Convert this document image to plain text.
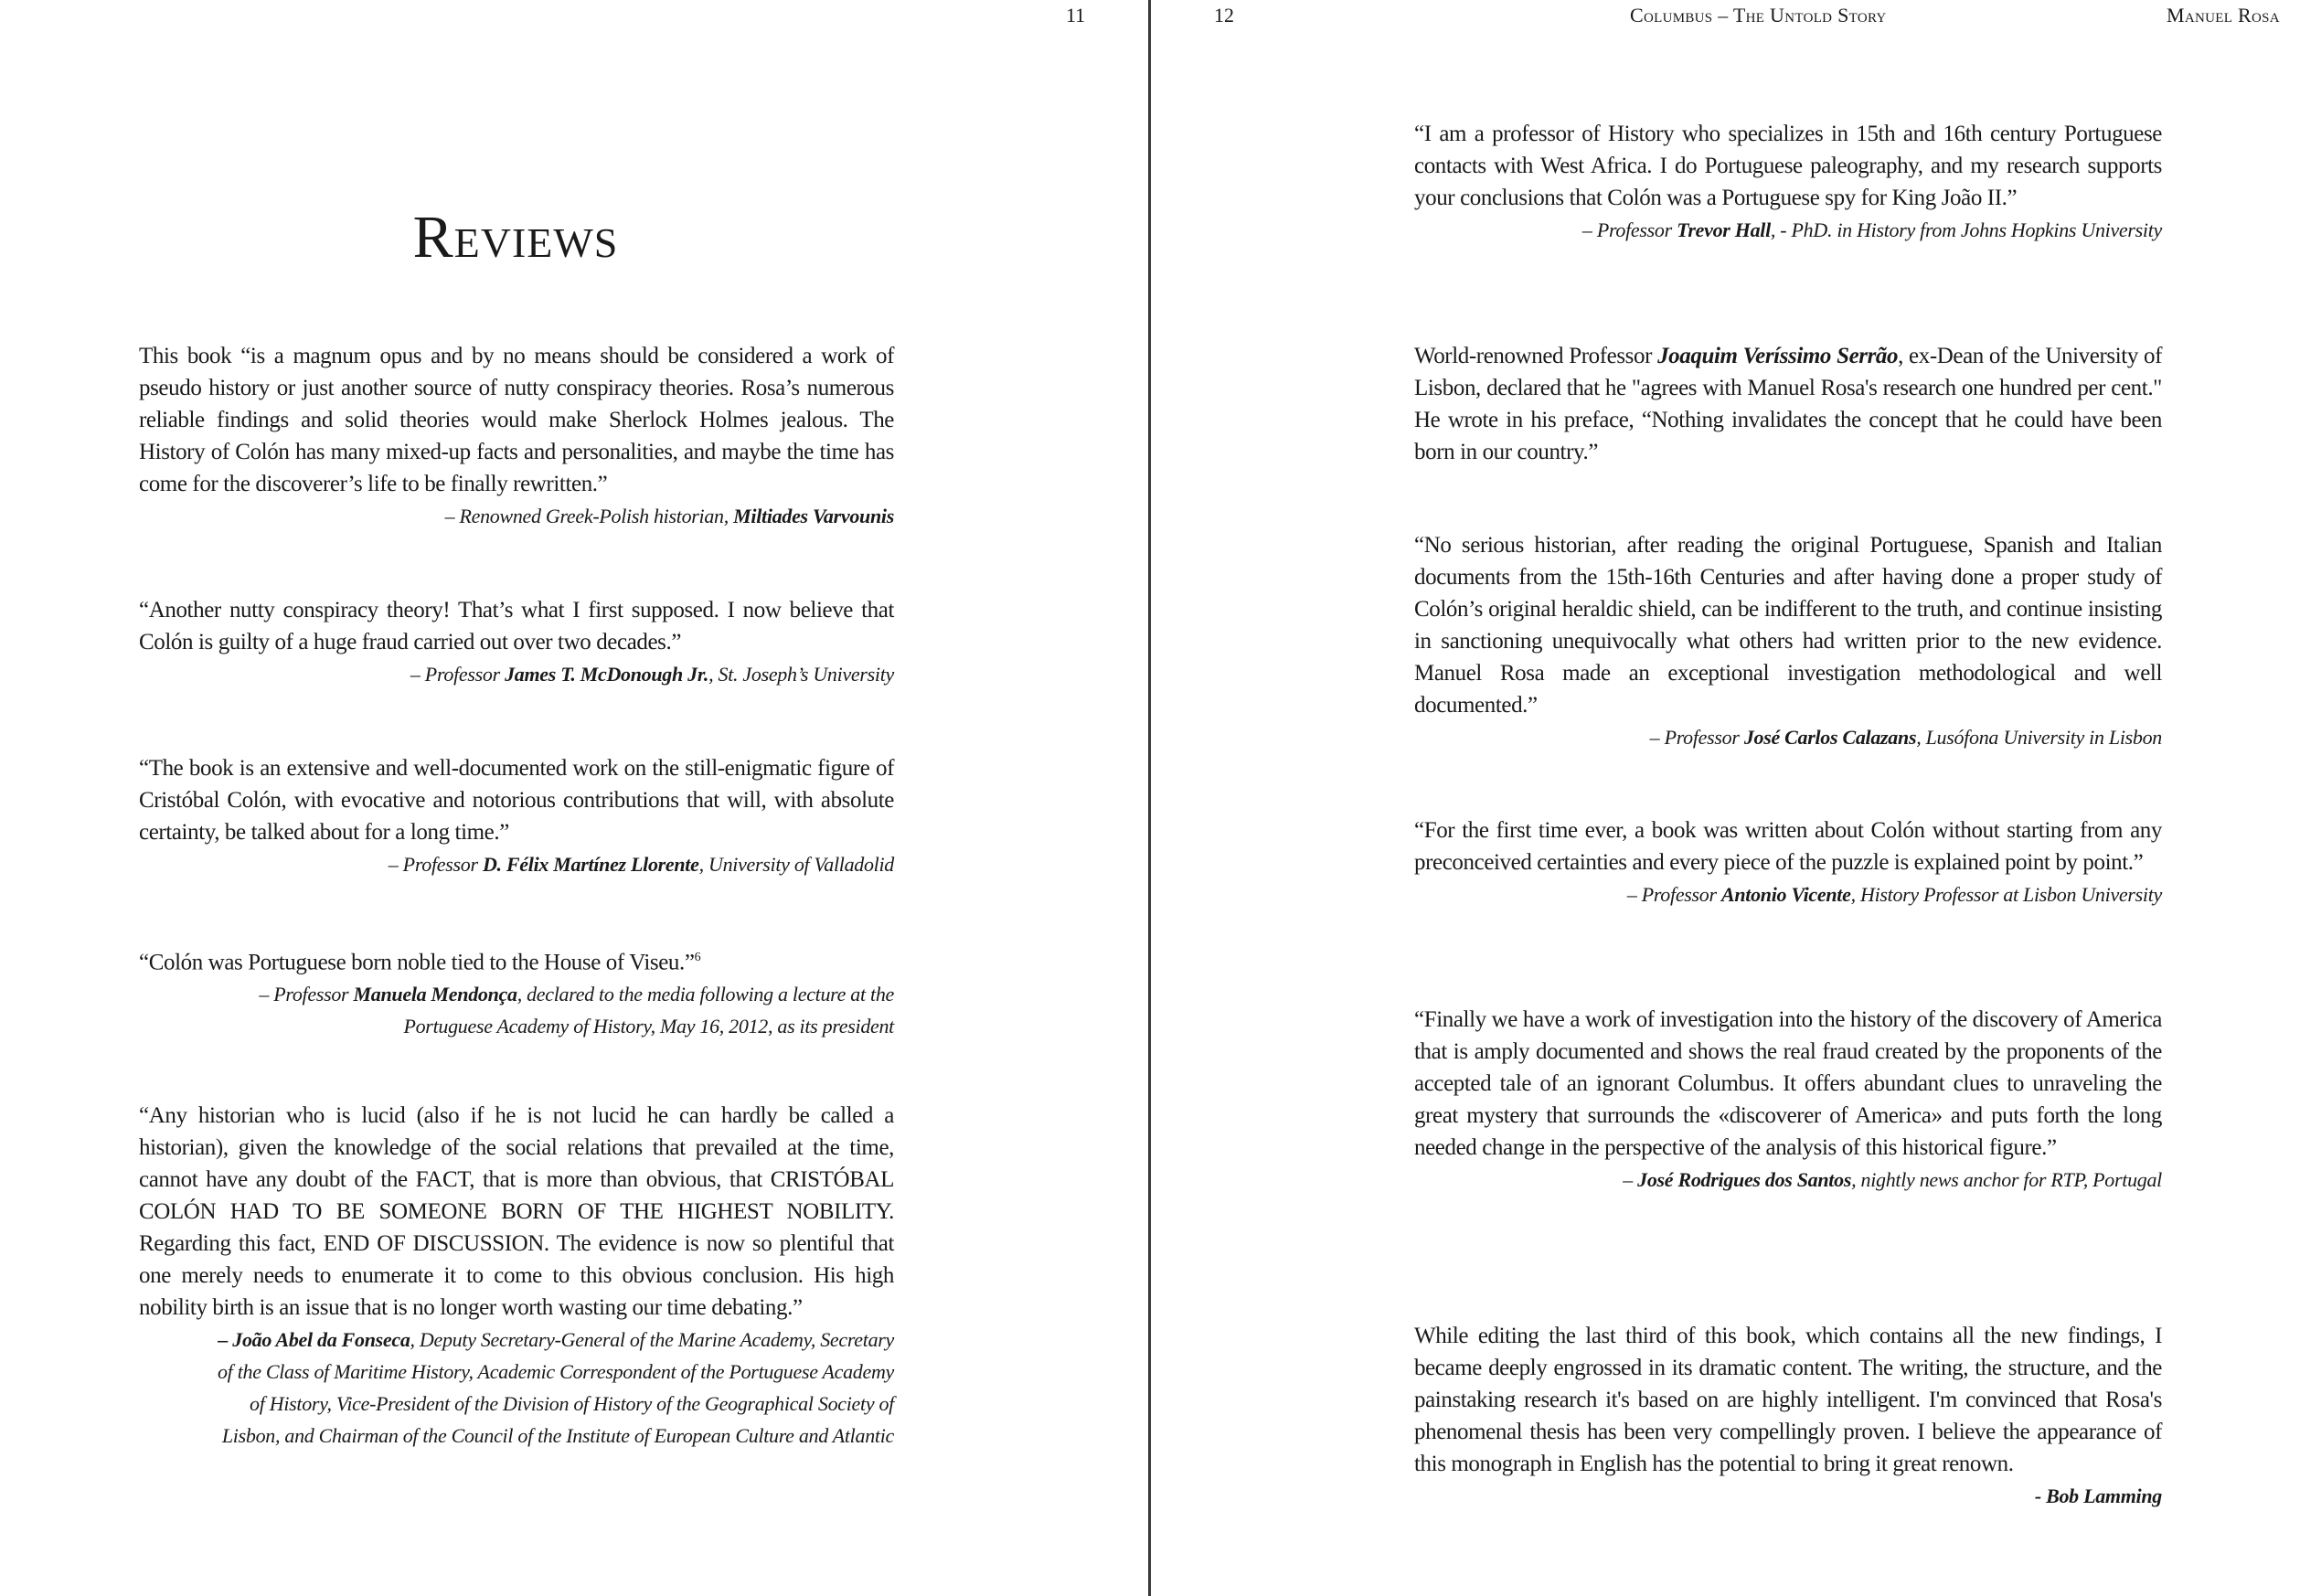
11
Reviews
This book “is a magnum opus and by no means should be considered a work of pseudo history or just another source of nutty conspiracy theories. Rosa’s numerous reliable findings and solid theories would make Sherlock Holmes jealous. The History of Colón has many mixed-up facts and personalities, and maybe the time has come for the discoverer’s life to be finally rewritten.”
– Renowned Greek-Polish historian, Miltiades Varvounis
“Another nutty conspiracy theory! That’s what I first supposed. I now believe that Colón is guilty of a huge fraud carried out over two decades.”
– Professor James T. McDonough Jr., St. Joseph’s University
“The book is an extensive and well-documented work on the still-enigmatic figure of Cristóbal Colón, with evocative and notorious contributions that will, with absolute certainty, be talked about for a long time.”
– Professor D. Félix Martínez Llorente, University of Valladolid
“Colón was Portuguese born noble tied to the House of Viseu.”$^6$
– Professor Manuela Mendonça, declared to the media following a lecture at the Portuguese Academy of History, May 16, 2012, as its president
“Any historian who is lucid (also if he is not lucid he can hardly be called a historian), given the knowledge of the social relations that prevailed at the time, cannot have any doubt of the FACT, that is more than obvious, that CRISTÓBAL COLÓN HAD TO BE SOMEONE BORN OF THE HIGHEST NOBILITY. Regarding this fact, END OF DISCUSSION. The evidence is now so plentiful that one merely needs to enumerate it to come to this obvious conclusion. His high nobility birth is an issue that is no longer worth wasting our time debating.”
– João Abel da Fonseca, Deputy Secretary-General of the Marine Academy, Secretary of the Class of Maritime History, Academic Correspondent of the Portuguese Academy of History, Vice-President of the Division of History of the Geographical Society of Lisbon, and Chairman of the Council of the Institute of European Culture and Atlantic
12	Columbus – The Untold Story	Manuel Rosa
“I am a professor of History who specializes in 15th and 16th century Portuguese contacts with West Africa. I do Portuguese paleography, and my research supports your conclusions that Colón was a Portuguese spy for King João II.”
– Professor Trevor Hall, - PhD. in History from Johns Hopkins University
World-renowned Professor Joaquim Veríssimo Serrão, ex-Dean of the University of Lisbon, declared that he "agrees with Manuel Rosa's research one hundred per cent." He wrote in his preface, “Nothing invalidates the concept that he could have been born in our country.”
“No serious historian, after reading the original Portuguese, Spanish and Italian documents from the 15th-16th Centuries and after having done a proper study of Colón’s original heraldic shield, can be indifferent to the truth, and continue insisting in sanctioning unequivocally what others had written prior to the new evidence. Manuel Rosa made an exceptional investigation methodological and well documented.”
– Professor José Carlos Calazans, Lusófona University in Lisbon
“For the first time ever, a book was written about Colón without starting from any preconceived certainties and every piece of the puzzle is explained point by point.”
– Professor Antonio Vicente, History Professor at Lisbon University
“Finally we have a work of investigation into the history of the discovery of America that is amply documented and shows the real fraud created by the proponents of the accepted tale of an ignorant Columbus. It offers abundant clues to unraveling the great mystery that surrounds the «discoverer of America» and puts forth the long needed change in the perspective of the analysis of this historical figure.”
– José Rodrigues dos Santos, nightly news anchor for RTP, Portugal
While editing the last third of this book, which contains all the new findings, I became deeply engrossed in its dramatic content. The writing, the structure, and the painstaking research it's based on are highly intelligent. I'm convinced that Rosa's phenomenal thesis has been very compellingly proven. I believe the appearance of this monograph in English has the potential to bring it great renown.
- Bob Lamming
